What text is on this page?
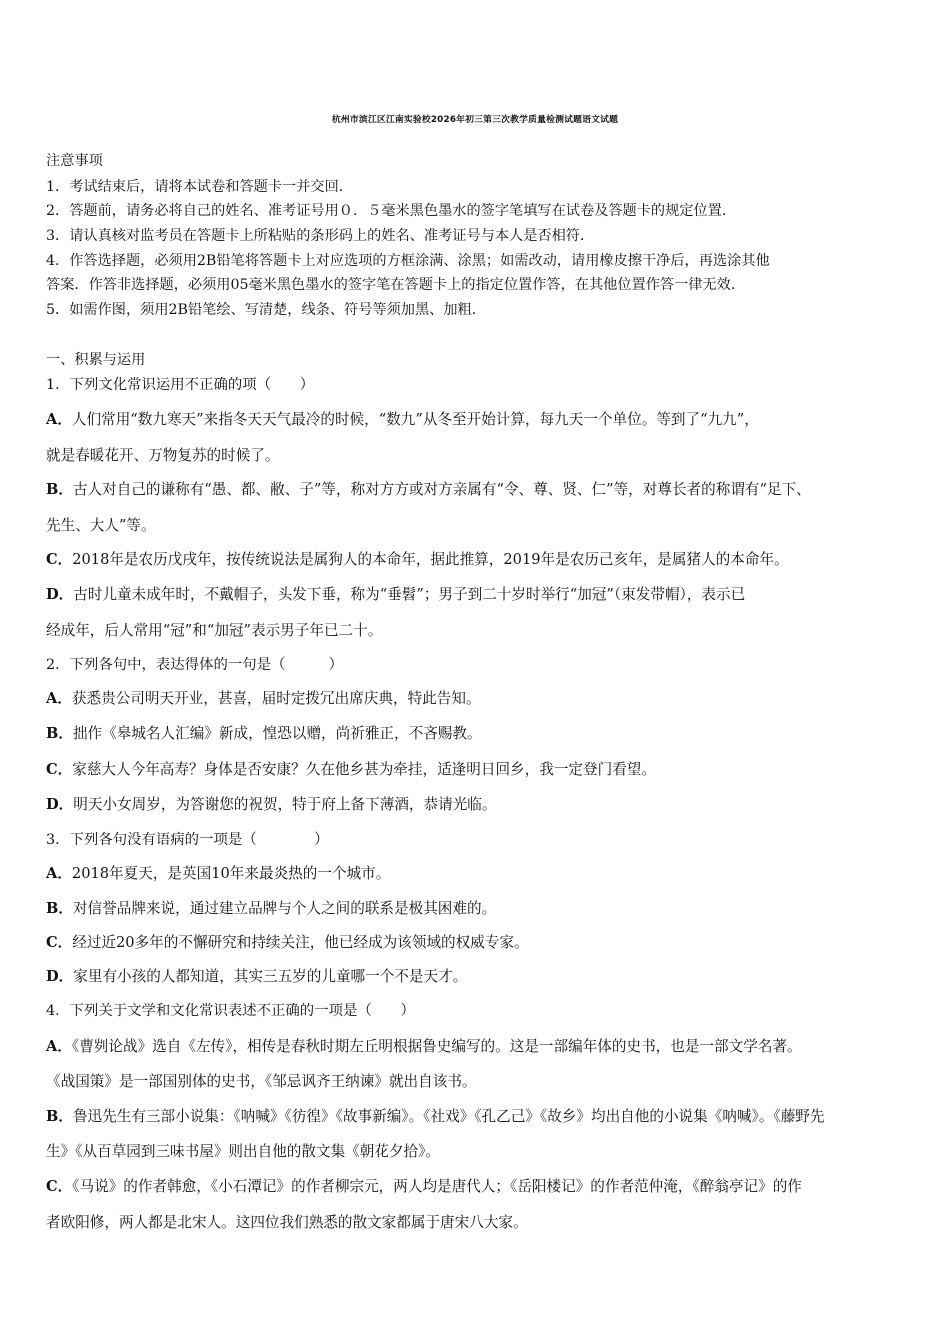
杭州市滨江区江南实验校2026年初三第三次教学质量检测试题语文试题
注意事项
1．考试结束后，请将本试卷和答题卡一并交回．
2．答题前，请务必将自己的姓名、准考证号用０．５毫米黑色墨水的签字笔填写在试卷及答题卡的规定位置．
3．请认真核对监考员在答题卡上所粘贴的条形码上的姓名、准考证号与本人是否相符．
4．作答选择题，必须用2B铅笔将答题卡上对应选项的方框涂满、涂黑；如需改动，请用橡皮擦干净后，再选涂其他
答案．作答非选择题，必须用05毫米黑色墨水的签字笔在答题卡上的指定位置作答，在其他位置作答一律无效．
5．如需作图，须用2B铅笔绘、写清楚，线条、符号等须加黑、加粗．
一、积累与运用
1．下列文化常识运用不正确的项（　　）
A．人们常用“数九寒天”来指冬天天气最冷的时候，“数九”从冬至开始计算，每九天一个单位。等到了“九九”，
就是春暖花开、万物复苏的时候了。
B．古人对自己的谦称有“愚、都、敝、子”等，称对方方或对方亲属有“令、尊、贤、仁”等，对尊长者的称谓有“足下、
先生、大人”等。
C．2018年是农历戊戌年，按传统说法是属狗人的本命年，据此推算，2019年是农历己亥年，是属猪人的本命年。
D．古时儿童未成年时，不戴帽子，头发下垂，称为“垂髫”；男子到二十岁时举行“加冠”（束发带帽），表示已
经成年，后人常用“冠”和“加冠”表示男子年已二十。
2．下列各句中，表达得体的一句是（　　　）
A．获悉贵公司明天开业，甚喜，届时定拨冗出席庆典，特此告知。
B．拙作《皋城名人汇编》新成，惶恐以赠，尚祈雅正，不吝赐教。
C．家慈大人今年高寿？身体是否安康？久在他乡甚为牵挂，适逢明日回乡，我一定登门看望。
D．明天小女周岁，为答谢您的祝贺，特于府上备下薄酒，恭请光临。
3．下列各句没有语病的一项是（　　　　）
A．2018年夏天，是英国10年来最炎热的一个城市。
B．对信誉品牌来说，通过建立品牌与个人之间的联系是极其困难的。
C．经过近20多年的不懈研究和持续关注，他已经成为该领域的权威专家。
D．家里有小孩的人都知道，其实三五岁的儿童哪一个不是天才。
4．下列关于文学和文化常识表述不正确的一项是（　　）
A．《曹刿论战》选自《左传》，相传是春秋时期左丘明根据鲁史编写的。这是一部编年体的史书，也是一部文学名著。
《战国策》是一部国别体的史书，《邹忌讽齐王纳谏》就出自该书。
B．鲁迅先生有三部小说集：《呐喊》《彷徨》《故事新编》。《社戏》《孔乙己》《故乡》均出自他的小说集《呐喊》。《藤野先
生》《从百草园到三味书屋》则出自他的散文集《朝花夕拾》。
C．《马说》的作者韩愈，《小石潭记》的作者柳宗元，两人均是唐代人；《岳阳楼记》的作者范仲淹，《醉翁亭记》的作
者欧阳修，两人都是北宋人。这四位我们熟悉的散文家都属于唐宋八大家。
